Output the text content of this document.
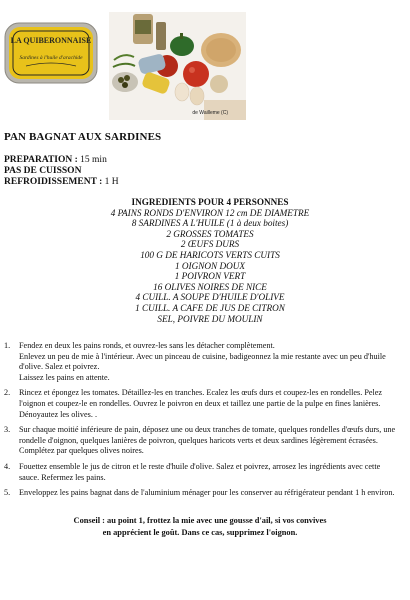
LA QUIBERONNAISE
Sardines à l'huile d'arachide
de Wailleme (C)
PAN BAGNAT AUX SARDINES
PREPARATION : 15 min
PAS DE CUISSON
REFROIDISSEMENT : 1 H
INGREDIENTS POUR 4 PERSONNES
4 PAINS RONDS D'ENVIRON 12 cm DE DIAMETRE
8 SARDINES A L'HUILE (1 à deux boites)
2 GROSSES TOMATES
2 ŒUFS DURS
100 G DE HARICOTS VERTS CUITS
1 OIGNON DOUX
1 POIVRON VERT
16 OLIVES NOIRES DE NICE
4 CUILL. A SOUPE D'HUILE D'OLIVE
1 CUILL. A CAFE DE JUS DE CITRON
SEL, POIVRE DU MOULIN
1.	Fendez en deux les pains ronds, et ouvrez-les sans les détacher complètement.
Enlevez un peu de mie à l'intérieur. Avec un pinceau de cuisine, badigeonnez la mie restante avec un peu d'huile d'olive. Salez et poivrez.
Laissez les pains en attente.
2.	Rincez et épongez les tomates. Détaillez-les en tranches. Ecalez les œufs durs et coupez-les en rondelles. Pelez l'oignon et coupez-le en rondelles. Ouvrez le poivron en deux et taillez une partie de la pulpe en fines lanières. Dénoyautez les olives. .
3.	Sur chaque moitié inférieure de pain, déposez une ou deux tranches de tomate, quelques rondelles d'œufs durs, une rondelle d'oignon, quelques lanières de poivron, quelques haricots verts et deux sardines légèrement écrasées. Complétez par quelques olives noires.
4.	Fouettez ensemble le jus de citron et le reste d'huile d'olive. Salez et poivrez, arrosez les ingrédients avec cette sauce. Refermez les pains.
5.	Enveloppez les pains bagnat dans de l'aluminium ménager pour les conserver au réfrigérateur pendant 1 h environ.
Conseil : au point 1, frottez la mie avec une gousse d'ail, si vos convives
en apprécient le goût. Dans ce cas, supprimez l'oignon.
